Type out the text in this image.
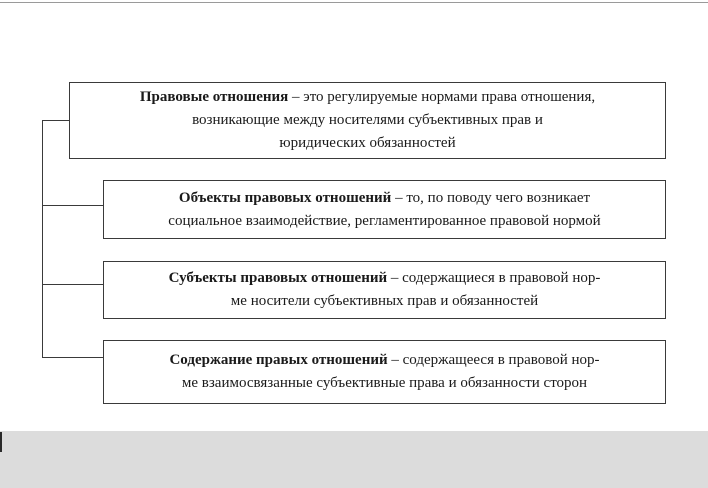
Правовые отношения – это регулируемые нормами права отношения,
возникающие между носителями субъективных прав и
юридических обязанностей

Объекты правовых отношений – то, по поводу чего возникает
социальное взаимодействие, регламентированное правовой нормой

Субъекты правовых отношений – содержащиеся в правовой нор-
ме носители субъективных прав и обязанностей

Содержание правых отношений – содержащееся в правовой нор-
ме взаимосвязанные субъективные права и обязанности сторон
